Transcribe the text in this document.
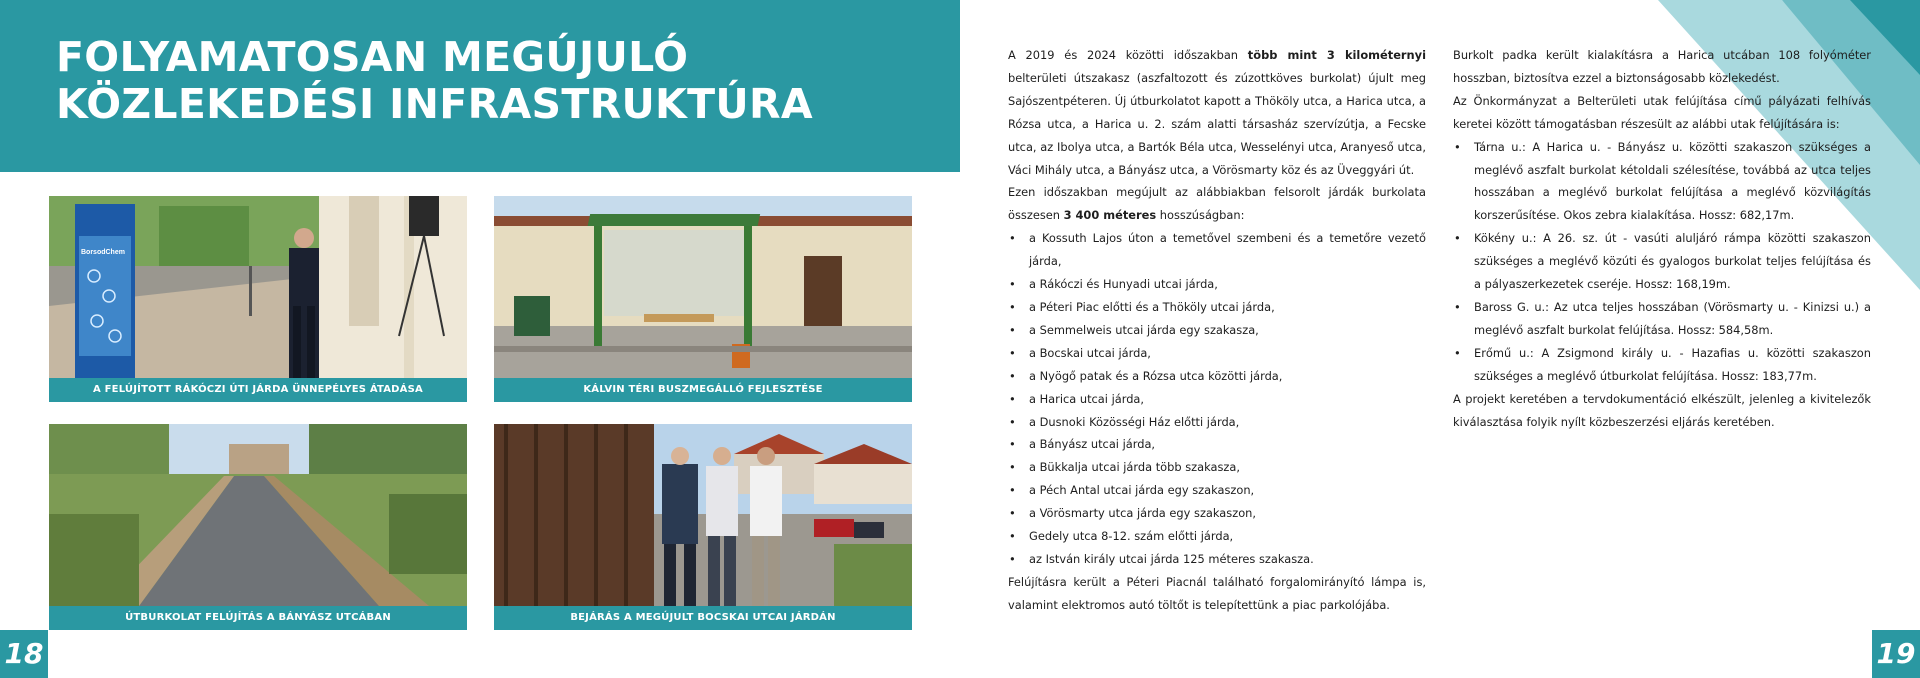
FOLYAMATOSAN MEGÚJULÓ
KÖZLEKEDÉSI INFRASTRUKTÚRA
BorsodChem
A FELÚJÍTOTT RÁKÓCZI ÚTI JÁRDA ÜNNEPÉLYES ÁTADÁSA	KÁLVIN TÉRI BUSZMEGÁLLÓ FEJLESZTÉSE
ÚTBURKOLAT FELÚJÍTÁS A BÁNYÁSZ UTCÁBAN	BEJÁRÁS A MEGÚJULT BOCSKAI UTCAI JÁRDÁN
18

A 2019 és 2024 közötti időszakban több mint 3 kilométernyi belterületi útszakasz (aszfaltozott és zúzottköves burkolat) újult meg Sajószentpéteren. Új útburkolatot kapott a Thököly utca, a Harica utca, a Rózsa utca, a Harica u. 2. szám alatti társasház szervízútja, a Fecske utca, az Ibolya utca, a Bartók Béla utca, Wesselényi utca, Aranyeső utca, Váci Mihály utca, a Bányász utca, a Vörösmarty köz és az Üveggyári út.

Ezen időszakban megújult az alábbiakban felsorolt járdák burkolata összesen 3 400 méteres hosszúságban:

• a Kossuth Lajos úton a temetővel szembeni és a temetőre vezető járda,
• a Rákóczi és Hunyadi utcai járda,
• a Péteri Piac előtti és a Thököly utcai járda,
• a Semmelweis utcai járda egy szakasza,
• a Bocskai utcai járda,
• a Nyögő patak és a Rózsa utca közötti járda,
• a Harica utcai járda,
• a Dusnoki Közösségi Ház előtti járda,
• a Bányász utcai járda,
• a Bükkalja utcai járda több szakasza,
• a Péch Antal utcai járda egy szakaszon,
• a Vörösmarty utca járda egy szakaszon,
• Gedely utca 8-12. szám előtti járda,
• az István király utcai járda 125 méteres szakasza.

Felújításra került a Péteri Piacnál található forgalomirányító lámpa is, valamint elektromos autó töltőt is telepítettünk a piac parkolójába.

Burkolt padka került kialakításra a Harica utcában 108 folyóméter hosszban, biztosítva ezzel a biztonságosabb közlekedést.

Az Önkormányzat a Belterületi utak felújítása című pályázati felhívás keretei között támogatásban részesült az alábbi utak felújítására is:

• Tárna u.: A Harica u. - Bányász u. közötti szakaszon szükséges a meglévő aszfalt burkolat kétoldali szélesítése, továbbá az utca teljes hosszában a meglévő burkolat felújítása a meglévő közvilágítás korszerűsítése. Okos zebra kialakítása. Hossz: 682,17m.
• Kökény u.: A 26. sz. út - vasúti aluljáró rámpa közötti szakaszon szükséges a meglévő közúti és gyalogos burkolat teljes felújítása és a pályaszerkezetek cseréje. Hossz: 168,19m.
• Baross G. u.: Az utca teljes hosszában (Vörösmarty u. - Kinizsi u.) a meglévő aszfalt burkolat felújítása. Hossz: 584,58m.
• Erőmű u.: A Zsigmond király u. - Hazafias u. közötti szakaszon szükséges a meglévő útburkolat felújítása. Hossz: 183,77m.

A projekt keretében a tervdokumentáció elkészült, jelenleg a kivitelezők kiválasztása folyik nyílt közbeszerzési eljárás keretében.

19
